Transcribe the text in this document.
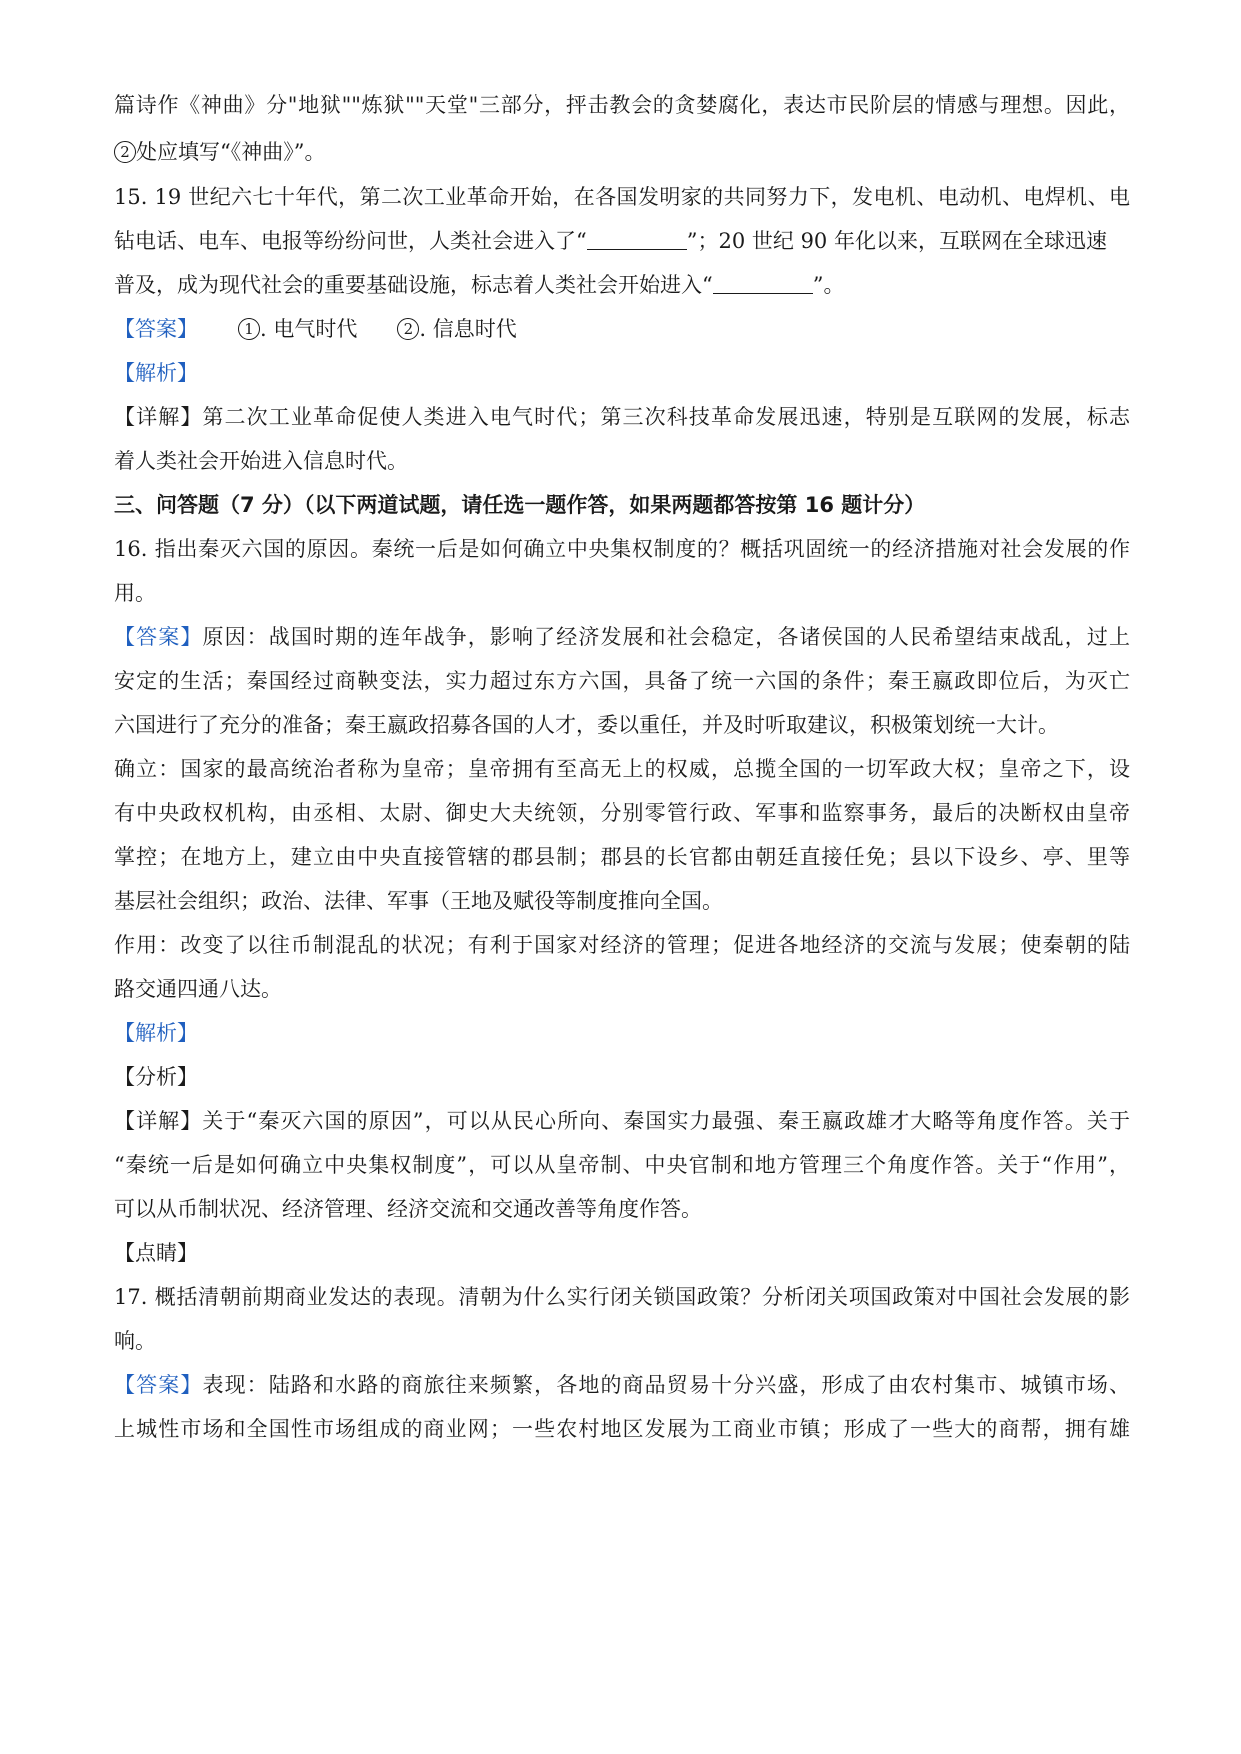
篇诗作《神曲》分"地狱""炼狱""天堂"三部分，抨击教会的贪婪腐化，表达市民阶层的情感与理想。因此，
2 处应填写“《神曲》”。
15. 19 世纪六七十年代，第二次工业革命开始，在各国发明家的共同努力下，发电机、电动机、电焊机、电
钻电话、电车、电报等纷纷问世，人类社会进入了“	”；20 世纪 90 年化以来，互联网在全球迅速
普及，成为现代社会的重要基础设施，标志着人类社会开始进入“	”。
【答案】	1 . 电气时代	2 . 信息时代
【解析】
【详解】第二次工业革命促使人类进入电气时代；第三次科技革命发展迅速，特别是互联网的发展，标志
着人类社会开始进入信息时代。
三、问答题（7 分）（以下两道试题，请任选一题作答，如果两题都答按第 16 题计分）
16. 指出秦灭六国的原因。秦统一后是如何确立中央集权制度的？概括巩固统一的经济措施对社会发展的作
用。
【答案】原因：战国时期的连年战争，影响了经济发展和社会稳定，各诸侯国的人民希望结束战乱，过上
安定的生活；秦国经过商鞅变法，实力超过东方六国，具备了统一六国的条件；秦王嬴政即位后，为灭亡
六国进行了充分的准备；秦王嬴政招募各国的人才，委以重任，并及时听取建议，积极策划统一大计。
确立：国家的最高统治者称为皇帝；皇帝拥有至高无上的权威，总揽全国的一切军政大权；皇帝之下，设
有中央政权机构，由丞相、太尉、御史大夫统领，分别零管行政、军事和监察事务，最后的决断权由皇帝
掌控；在地方上，建立由中央直接管辖的郡县制；郡县的长官都由朝廷直接任免；县以下设乡、亭、里等
基层社会组织；政治、法律、军事（王地及赋役等制度推向全国。
作用：改变了以往币制混乱的状况；有利于国家对经济的管理；促进各地经济的交流与发展；使秦朝的陆
路交通四通八达。
【解析】
【分析】
【详解】关于“秦灭六国的原因”，可以从民心所向、秦国实力最强、秦王嬴政雄才大略等角度作答。关于
“秦统一后是如何确立中央集权制度”，可以从皇帝制、中央官制和地方管理三个角度作答。关于“作用”，
可以从币制状况、经济管理、经济交流和交通改善等角度作答。
【点睛】
17. 概括清朝前期商业发达的表现。清朝为什么实行闭关锁国政策？分析闭关项国政策对中国社会发展的影
响。
【答案】表现：陆路和水路的商旅往来频繁，各地的商品贸易十分兴盛，形成了由农村集市、城镇市场、
上城性市场和全国性市场组成的商业网；一些农村地区发展为工商业市镇；形成了一些大的商帮，拥有雄
